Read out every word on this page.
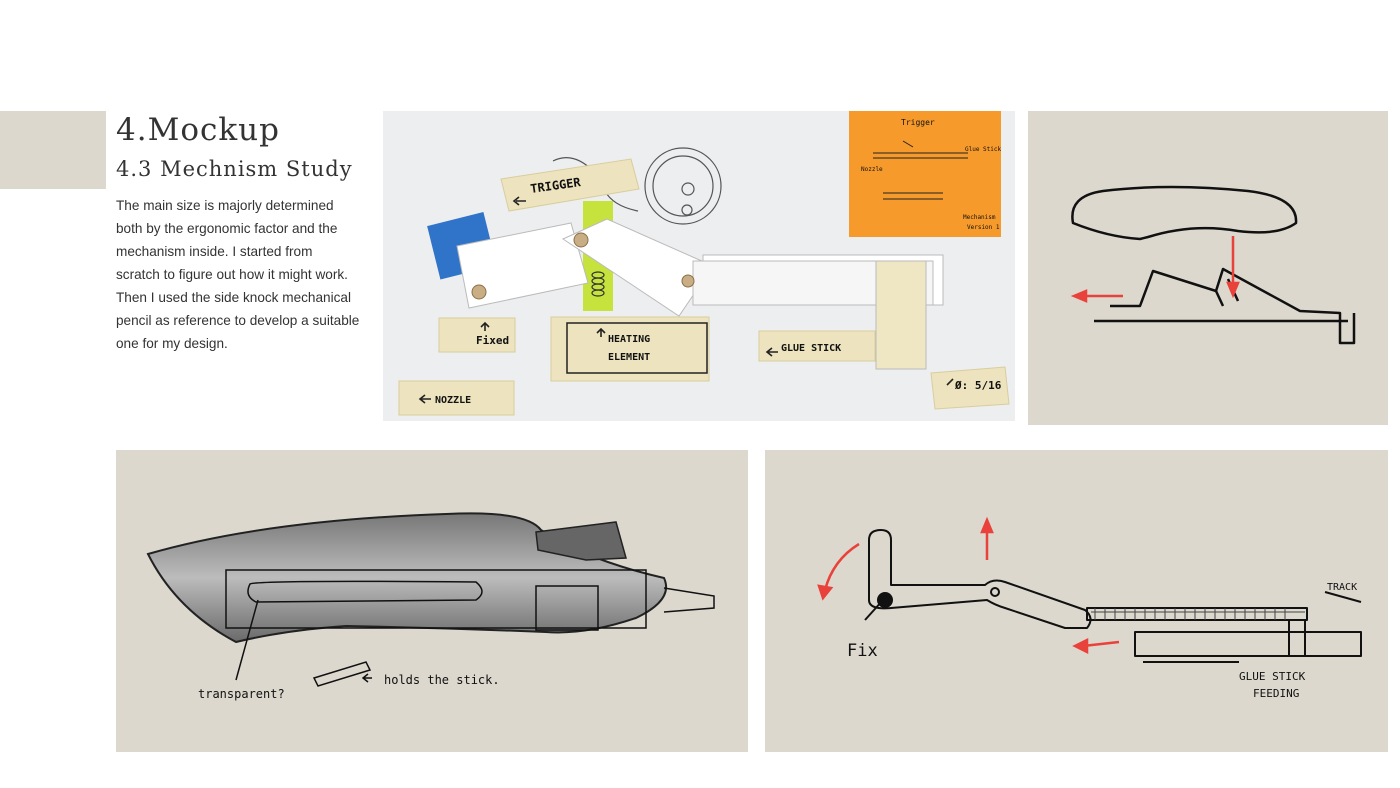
4.Mockup
4.3 Mechnism Study

The main size is majorly determined both by the ergonomic factor and the mechanism inside. I started from scratch to figure out how it might work. Then I used the side knock mechanical pencil as reference to develop a suitable one for my design.

Trigger
Glue Stick
Nozzle
Mechanism
Version 1
TRIGGER
Fixed	HEATING
ELEMENT
GLUE STICK
NOZZLE
Ø: 5/16
transparent?
holds the stick.
Fix
TRACK
GLUE STICK
FEEDING
